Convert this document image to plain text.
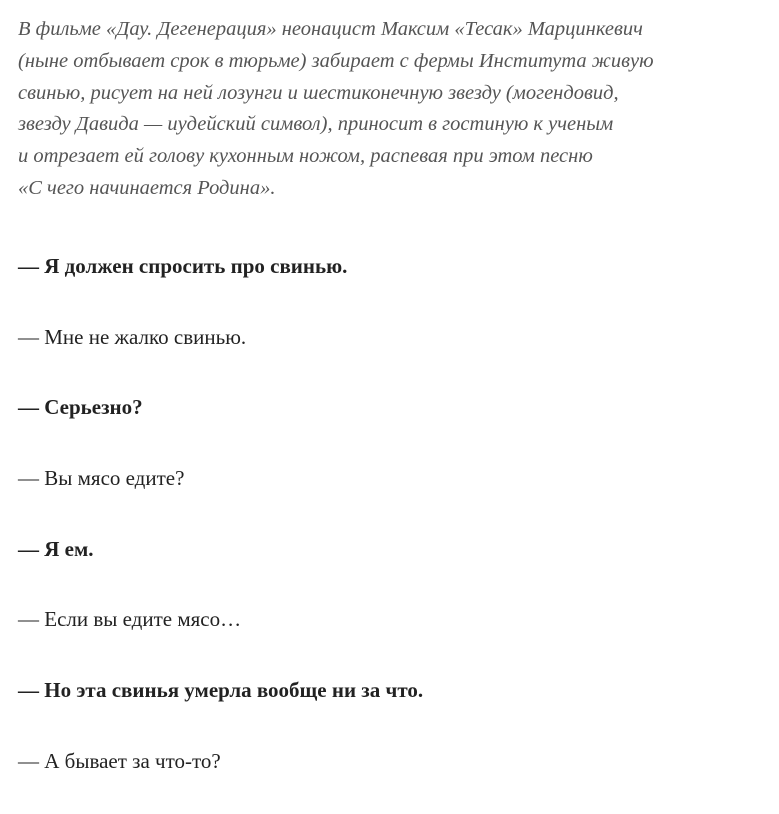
В фильме «Дау. Дегенерация» неонацист Максим «Тесак» Марцинкевич
(ныне отбывает срок в тюрьме) забирает с фермы Института живую
свинью, рисует на ней лозунги и шестиконечную звезду (могендовид,
звезду Давида — иудейский символ), приносит в гостиную к ученым
и отрезает ей голову кухонным ножом, распевая при этом песню
«С чего начинается Родина».

— Я должен спросить про свинью.

— Мне не жалко свинью.

— Серьезно?

— Вы мясо едите?

— Я ем.

— Если вы едите мясо…

— Но эта свинья умерла вообще ни за что.

— А бывает за что-то?
